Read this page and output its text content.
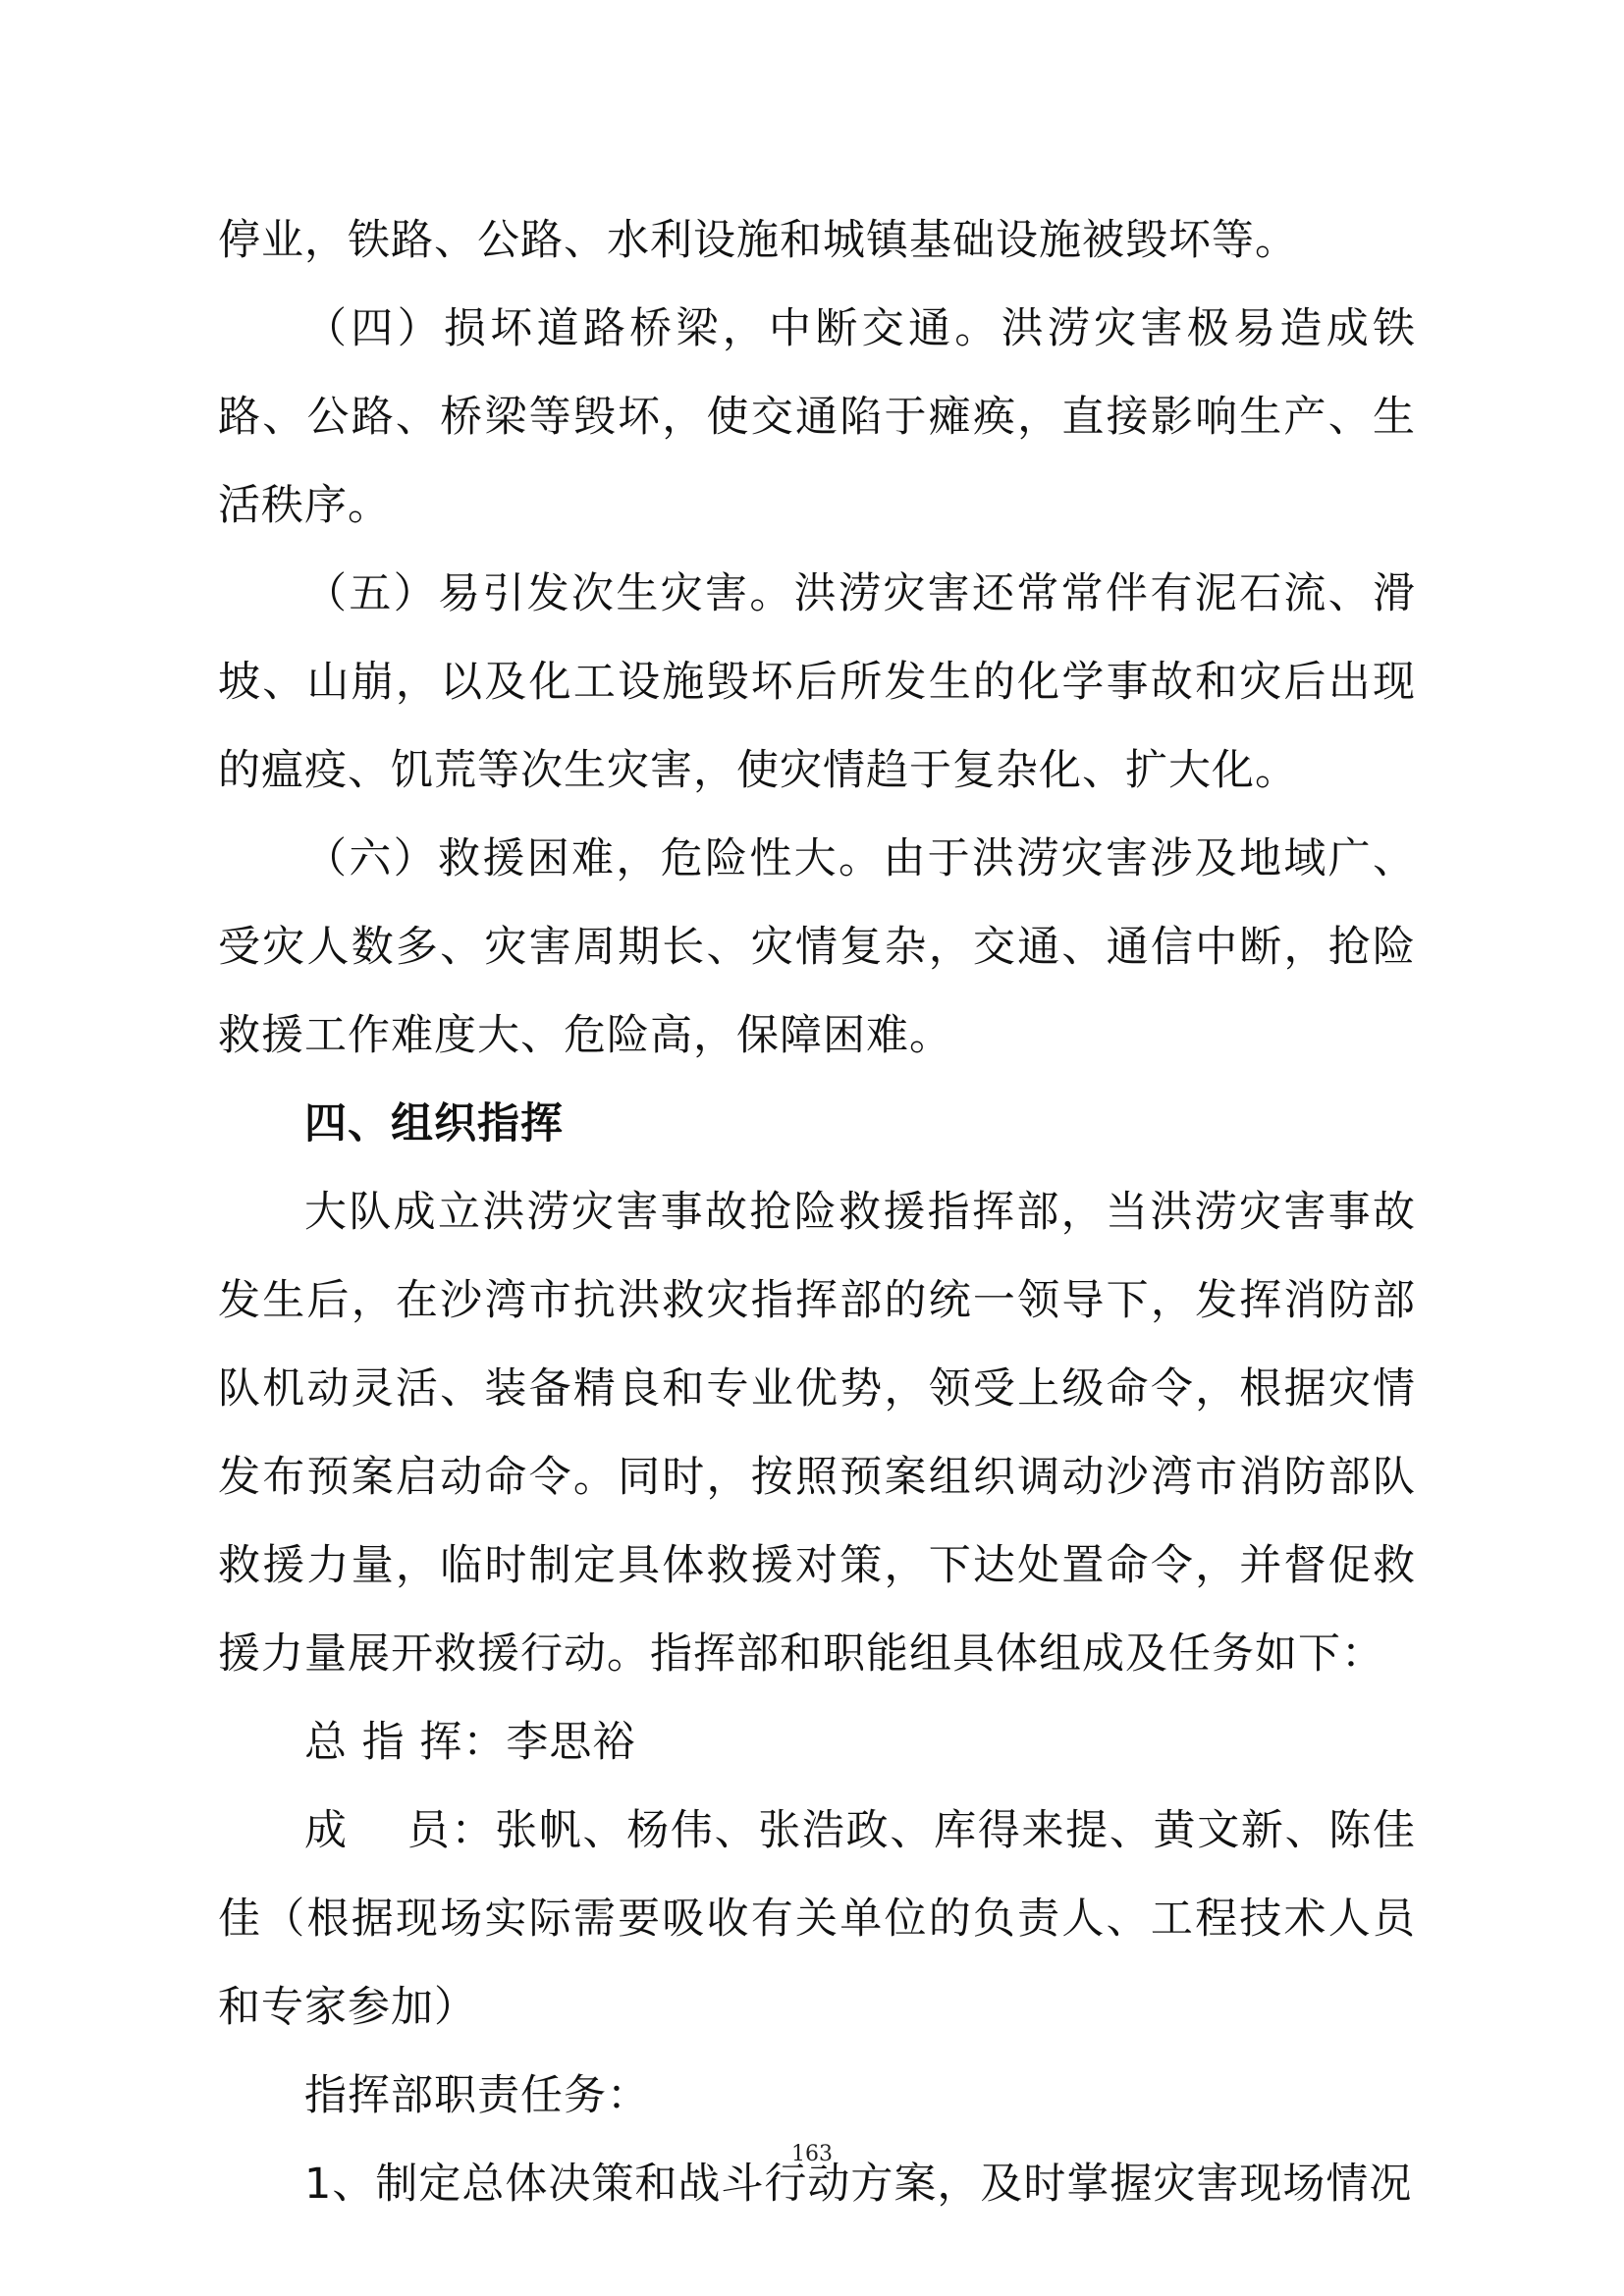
停业，铁路、公路、水利设施和城镇基础设施被毁坏等。

（四）损坏道路桥梁，中断交通。洪涝灾害极易造成铁路、公路、桥梁等毁坏，使交通陷于瘫痪，直接影响生产、生活秩序。

（五）易引发次生灾害。洪涝灾害还常常伴有泥石流、滑坡、山崩，以及化工设施毁坏后所发生的化学事故和灾后出现的瘟疫、饥荒等次生灾害，使灾情趋于复杂化、扩大化。

（六）救援困难，危险性大。由于洪涝灾害涉及地域广、受灾人数多、灾害周期长、灾情复杂，交通、通信中断，抢险救援工作难度大、危险高，保障困难。

四、组织指挥

大队成立洪涝灾害事故抢险救援指挥部，当洪涝灾害事故发生后，在沙湾市抗洪救灾指挥部的统一领导下，发挥消防部队机动灵活、装备精良和专业优势，领受上级命令，根据灾情发布预案启动命令。同时，按照预案组织调动沙湾市消防部队救援力量，临时制定具体救援对策，下达处置命令，并督促救援力量展开救援行动。指挥部和职能组具体组成及任务如下：

总 指 挥：李思裕

成　 员：张帆、杨伟、张浩政、库得来提、黄文新、陈佳佳（根据现场实际需要吸收有关单位的负责人、工程技术人员和专家参加）

指挥部职责任务：

1、制定总体决策和战斗行动方案，及时掌握灾害现场情况

163
